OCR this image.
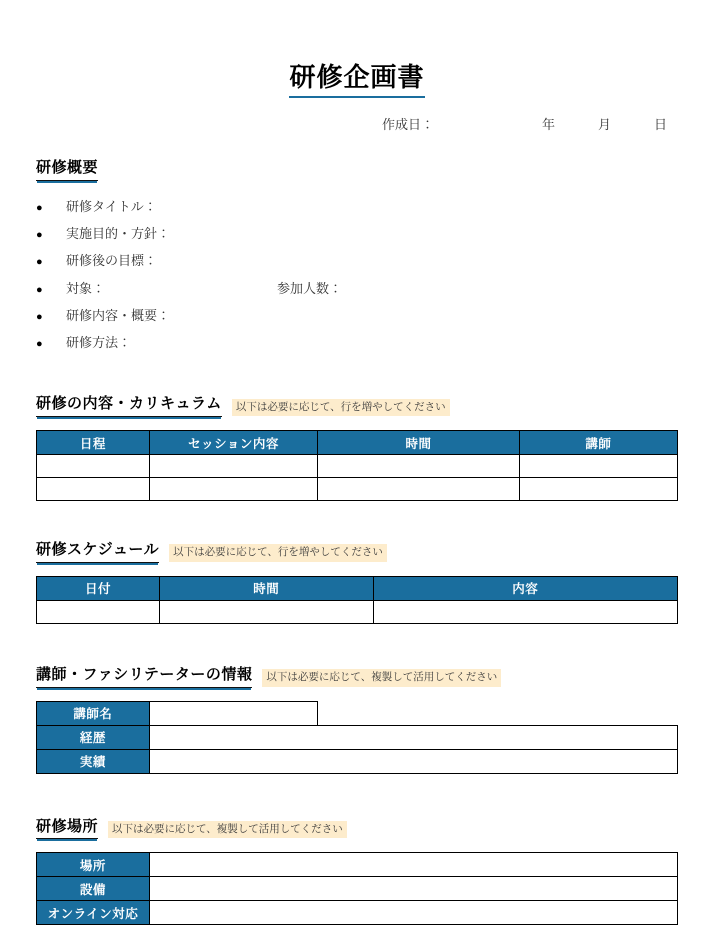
研修企画書
作成日：	年	月	日
研修概要
●	研修タイトル：
●	実施目的・方針：
●	研修後の目標：
●	対象：	参加人数：
●	研修内容・概要：
●	研修方法：
研修の内容・カリキュラム	以下は必要に応じて、行を増やしてください
日程	セッション内容	時間	講師

研修スケジュール	以下は必要に応じて、行を増やしてください
日付	時間	内容

講師・ファシリテーターの情報	以下は必要に応じて、複製して活用してください
講師名		
経歴		
実績		
研修場所	以下は必要に応じて、複製して活用してください
場所	
設備	
オンライン対応	
